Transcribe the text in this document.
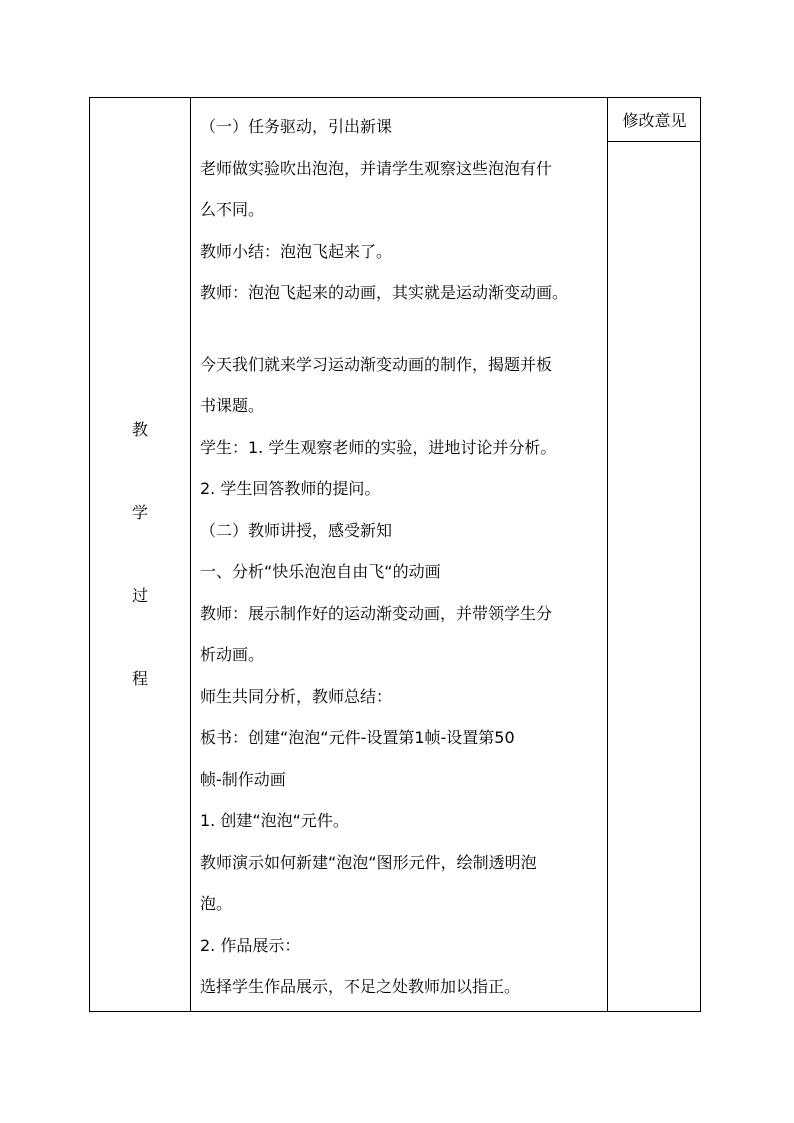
教
学
过
程
修改意见

（一）任务驱动，引出新课

老师做实验吹出泡泡，并请学生观察这些泡泡有什

么不同。

教师小结：泡泡飞起来了。

教师：泡泡飞起来的动画，其实就是运动渐变动画。

今天我们就来学习运动渐变动画的制作，揭题并板

书课题。

学生：1. 学生观察老师的实验，进地讨论并分析。

2. 学生回答教师的提问。

（二）教师讲授，感受新知

一、分析“快乐泡泡自由飞“的动画

教师：展示制作好的运动渐变动画，并带领学生分

析动画。

师生共同分析，教师总结：

板书：创建“泡泡“元件-设置第1帧-设置第50

帧-制作动画

1. 创建“泡泡“元件。

教师演示如何新建“泡泡“图形元件，绘制透明泡

泡。

2. 作品展示：

选择学生作品展示，不足之处教师加以指正。
